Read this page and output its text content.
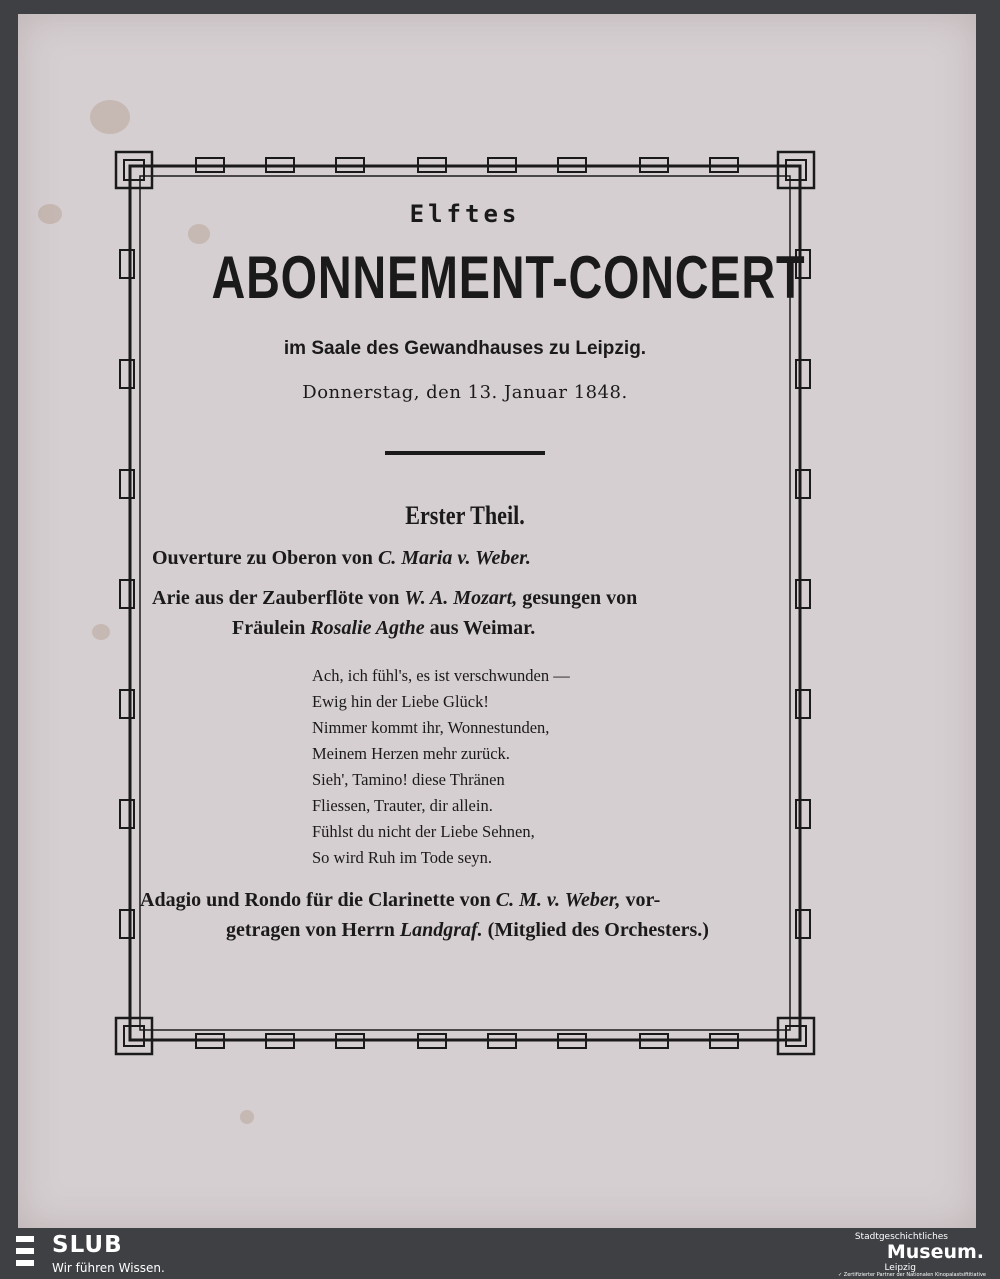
Elftes
ABONNEMENT-CONCERT
im Saale des Gewandhauses zu Leipzig.
Donnerstag, den 13. Januar 1848.
Erster Theil.
Ouverture zu Oberon von C. Maria v. Weber.
Arie aus der Zauberflöte von W. A. Mozart, gesungen von
Fräulein Rosalie Agthe aus Weimar.
Ach, ich fühl's, es ist verschwunden —
Ewig hin der Liebe Glück!
Nimmer kommt ihr, Wonnestunden,
Meinem Herzen mehr zurück.
Sieh', Tamino! diese Thränen
Fliessen, Trauter, dir allein.
Fühlst du nicht der Liebe Sehnen,
So wird Ruh im Tode seyn.
Adagio und Rondo für die Clarinette von C. M. v. Weber, vor-
getragen von Herrn Landgraf. (Mitglied des Orchesters.)
SLUB
Wir führen Wissen.
Stadtgeschichtliches
Museum.
Leipzig
✓ Zertifizierter Partner der Nationalen Kinopalastsiftitiative
